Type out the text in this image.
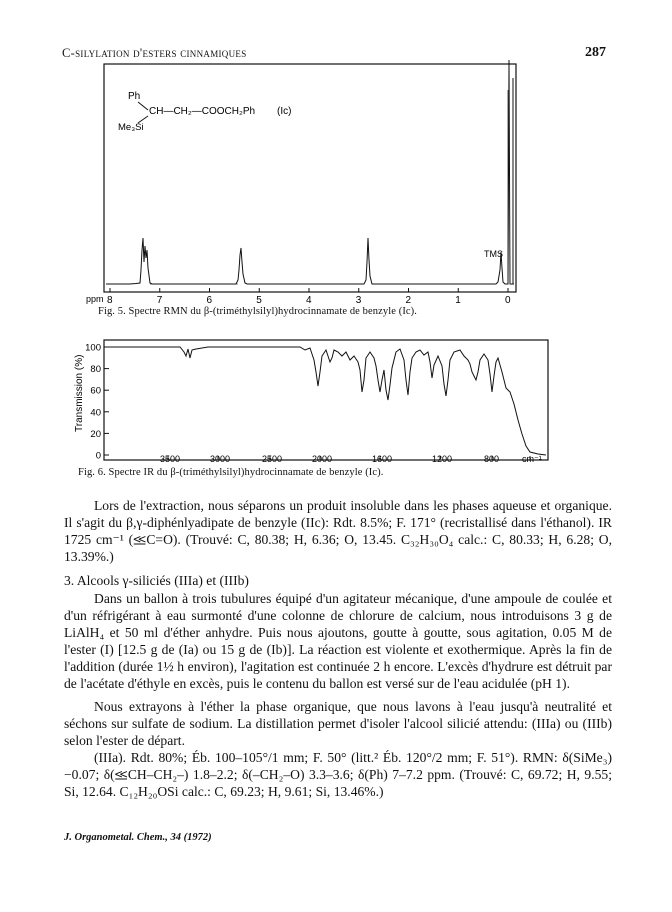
C-silylation d'esters cinnamiques	287
Ph
CH—CH₂—COOCH₂Ph
Me₃Si
(Ic)
TMS
ppm 8	7	6	5	4	3	2	1	0
Fig. 5. Spectre RMN du β-(triméthylsilyl)hydrocinnamate de benzyle (Ic).
Transmission (%)
100
80
60
40
20
0	3500	3000	2500	2000	1600	1200	800	cm⁻¹
Fig. 6. Spectre IR du β-(triméthylsilyl)hydrocinnamate de benzyle (Ic).
Lors de l'extraction, nous séparons un produit insoluble dans les phases aqueuse et organique. Il s'agit du β,γ-diphénlyadipate de benzyle (IIc): Rdt. 8.5%; F. 171° (recristallisé dans l'éthanol). IR 1725 cm⁻¹ (⪣C=O). (Trouvé: C, 80.38; H, 6.36; O, 13.45. C₃₂H₃₀O₄ calc.: C, 80.33; H, 6.28; O, 13.39%.)
3. Alcools γ-siliciés (IIIa) et (IIIb)
Dans un ballon à trois tubulures équipé d'un agitateur mécanique, d'une ampoule de coulée et d'un réfrigérant à eau surmonté d'une colonne de chlorure de calcium, nous introduisons 3 g de LiAlH₄ et 50 ml d'éther anhydre. Puis nous ajoutons, goutte à goutte, sous agitation, 0.05 M de l'ester (I) [12.5 g de (Ia) ou 15 g de (Ib)]. La réaction est violente et exothermique. Après la fin de l'addition (durée 1½ h environ), l'agitation est continuée 2 h encore. L'excès d'hydrure est détruit par de l'acétate d'éthyle en excès, puis le contenu du ballon est versé sur de l'eau acidulée (pH 1).
Nous extrayons à l'éther la phase organique, que nous lavons à l'eau jusqu'à neutralité et séchons sur sulfate de sodium. La distillation permet d'isoler l'alcool silicié attendu: (IIIa) ou (IIIb) selon l'ester de départ.
(IIIa). Rdt. 80%; Éb. 100–105°/1 mm; F. 50° (litt.² Éb. 120°/2 mm; F. 51°). RMN: δ(SiMe₃) −0.07; δ(⪣CH–CH₂–) 1.8–2.2; δ(–CH₂–O) 3.3–3.6; δ(Ph) 7–7.2 ppm. (Trouvé: C, 69.72; H, 9.55; Si, 12.64. C₁₂H₂₀OSi calc.: C, 69.23; H, 9.61; Si, 13.46%.)
J. Organometal. Chem., 34 (1972)
